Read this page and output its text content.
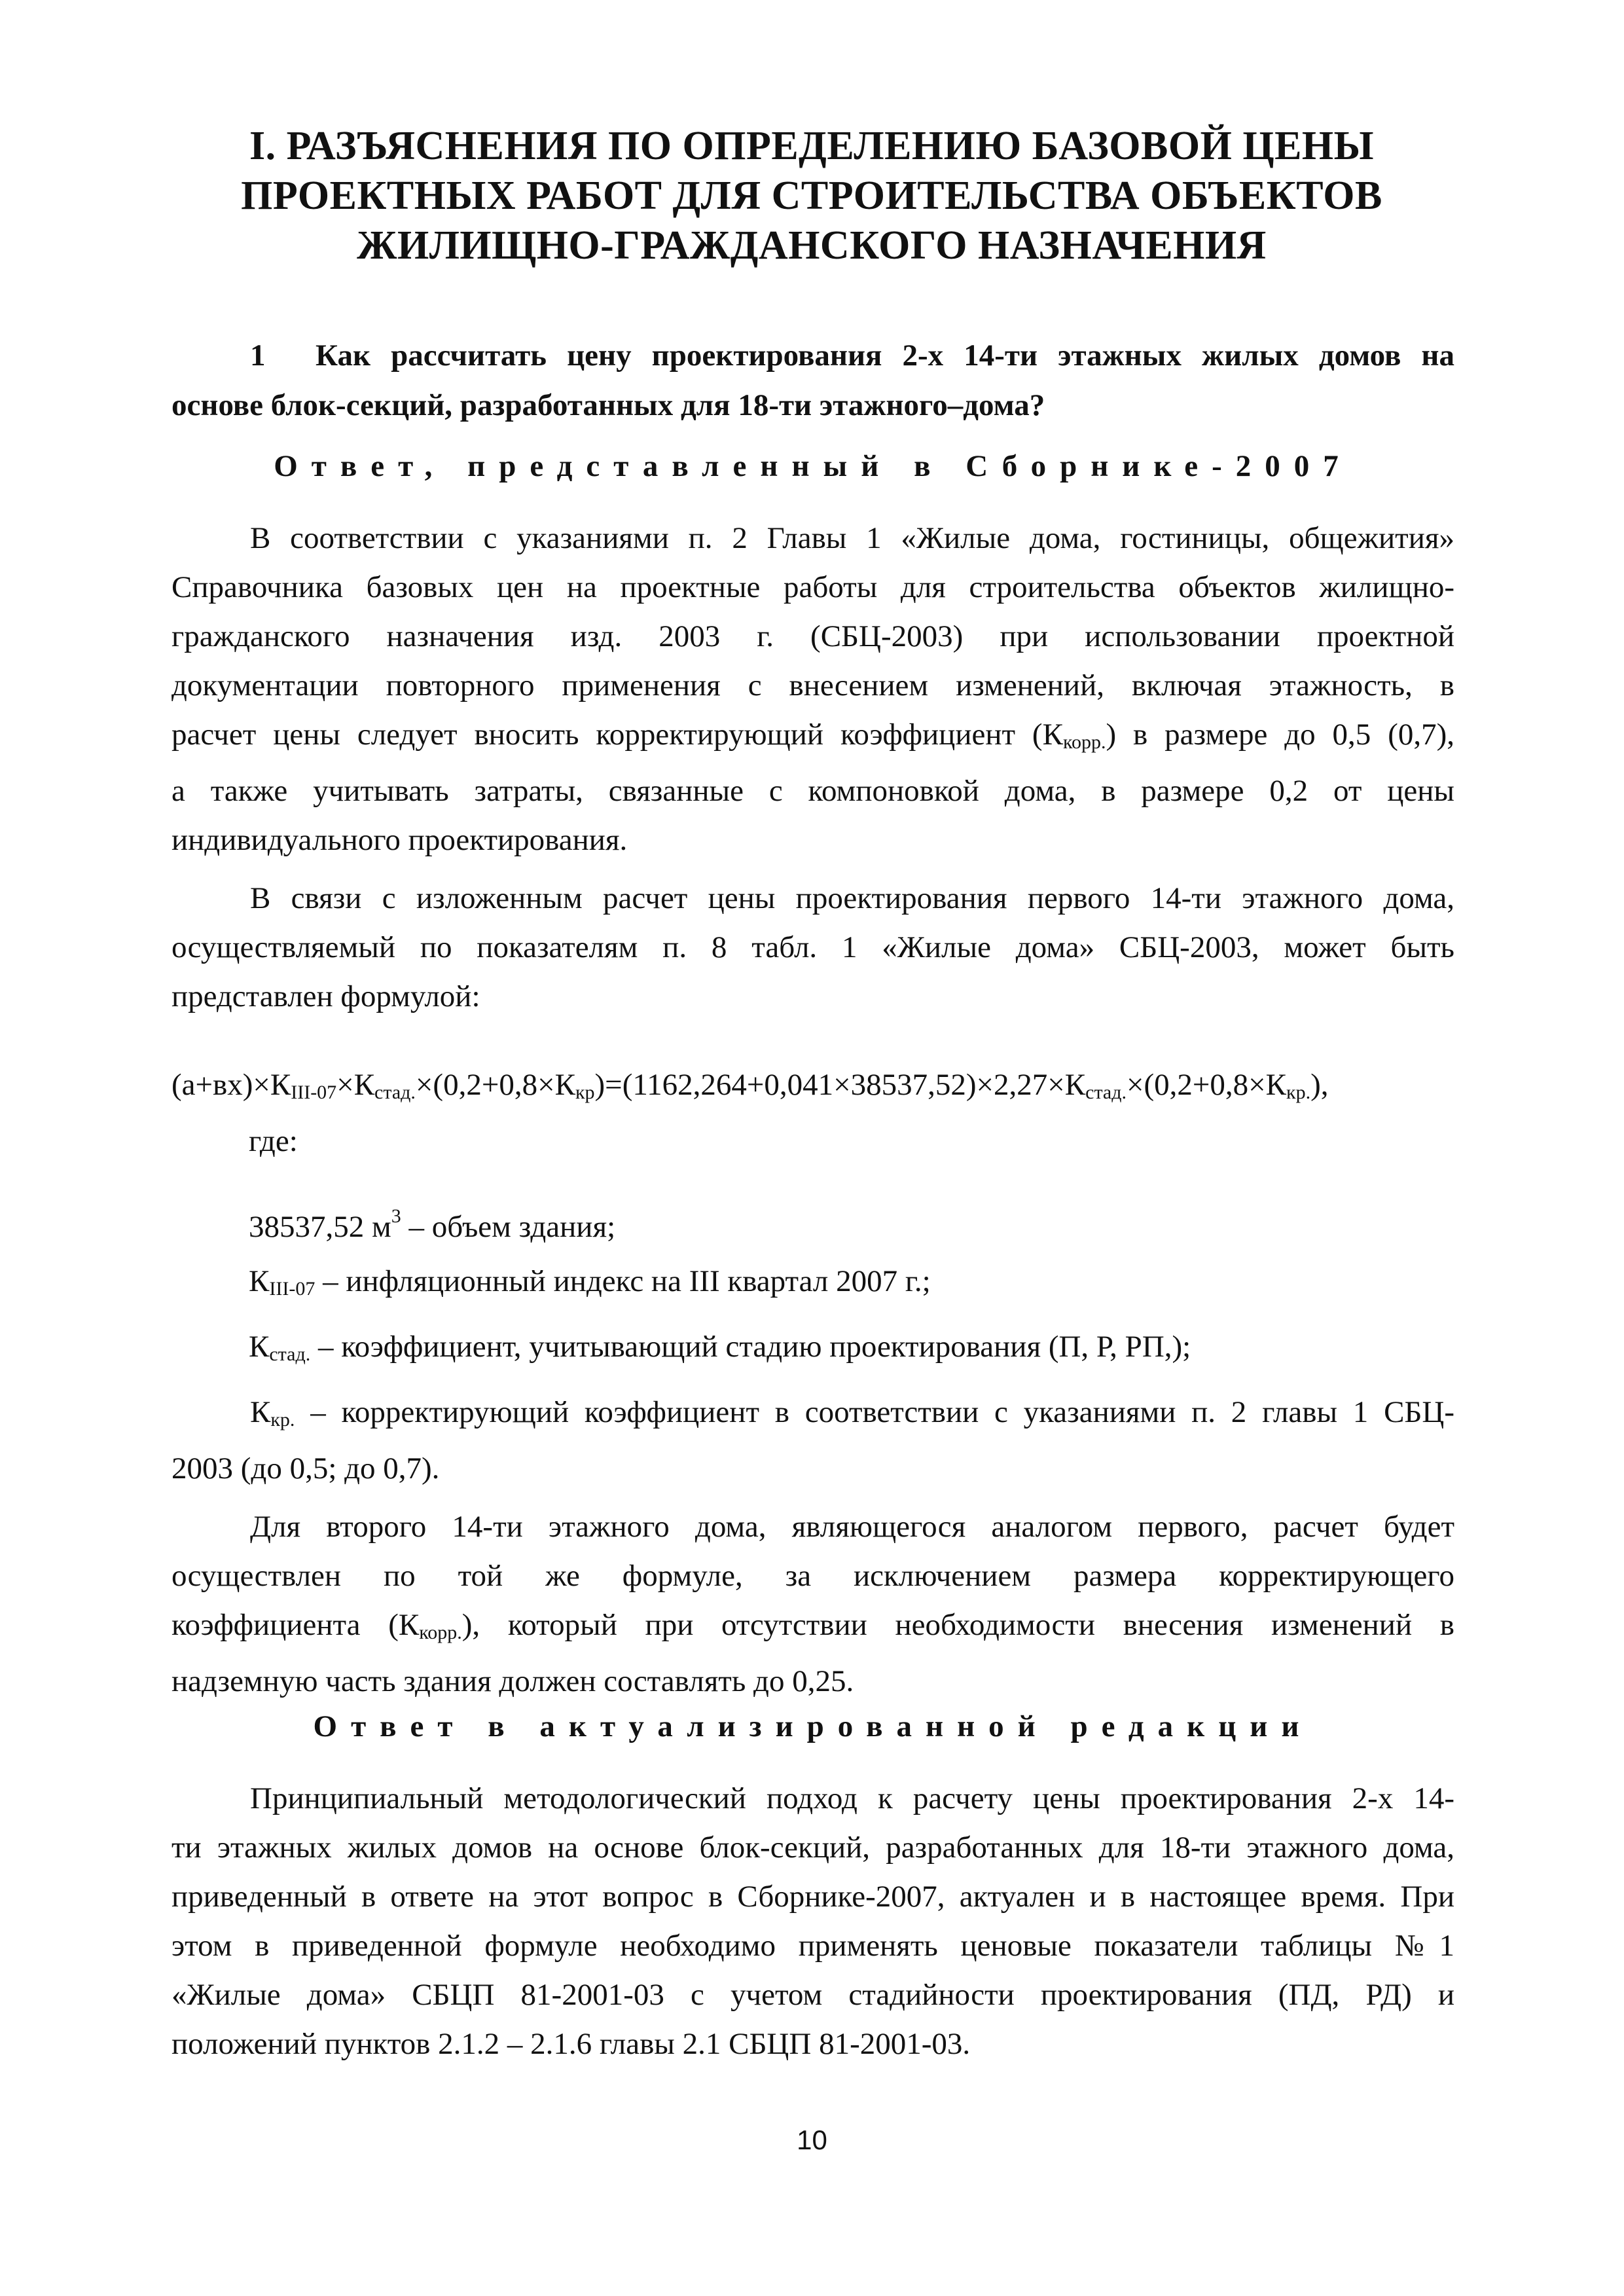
I. РАЗЪЯСНЕНИЯ ПО ОПРЕДЕЛЕНИЮ БАЗОВОЙ ЦЕНЫ
ПРОЕКТНЫХ РАБОТ ДЛЯ СТРОИТЕЛЬСТВА ОБЪЕКТОВ
ЖИЛИЩНО-ГРАЖДАНСКОГО НАЗНАЧЕНИЯ
1 Как рассчитать цену проектирования 2-х 14-ти этажных жилых домов на
основе блок-секций, разработанных для 18-ти этажного–дома?
Ответ, представленный в Сборнике-2007
В соответствии с указаниями п. 2 Главы 1 «Жилые дома, гостиницы, общежития»
Справочника базовых цен на проектные работы для строительства объектов жилищно-
гражданского назначения изд. 2003 г. (СБЦ-2003) при использовании проектной
документации повторного применения с внесением изменений, включая этажность, в
расчет цены следует вносить корректирующий коэффициент $(К_{корр.})$ в размере до 0,5 (0,7),
а также учитывать затраты, связанные с компоновкой дома, в размере 0,2 от цены
индивидуального проектирования.
В связи с изложенным расчет цены проектирования первого 14-ти этажного дома,
осуществляемый по показателям п. 8 табл. 1 «Жилые дома» СБЦ-2003, может быть
представлен формулой:
$(а+вх)\times К_{III-07}\times К_{стад.}\times(0,2+0,8\times К_{кр})=(1162,264+0,041\times 38537,52)\times 2,27\times К_{стад.}\times(0,2+0,8\times К_{кр.})$,
где:
38537,52 $м^3$ – объем здания;
$К_{III-07}$ – инфляционный индекс на III квартал 2007 г.;
$К_{стад.}$ – коэффициент, учитывающий стадию проектирования (П, Р, РП,);
$К_{кр.}$ – корректирующий коэффициент в соответствии с указаниями п. 2 главы 1 СБЦ-
2003 (до 0,5; до 0,7).
Для второго 14-ти этажного дома, являющегося аналогом первого, расчет будет
осуществлен по той же формуле, за исключением размера корректирующего
коэффициента $(К_{корр.})$, который при отсутствии необходимости внесения изменений в
надземную часть здания должен составлять до 0,25.
Ответ в актуализированной редакции
Принципиальный методологический подход к расчету цены проектирования 2-х 14-
ти этажных жилых домов на основе блок-секций, разработанных для 18-ти этажного дома,
приведенный в ответе на этот вопрос в Сборнике-2007, актуален и в настоящее время. При
этом в приведенной формуле необходимо применять ценовые показатели таблицы №1
«Жилые дома» СБЦП 81-2001-03 с учетом стадийности проектирования (ПД, РД) и
положений пунктов 2.1.2 – 2.1.6 главы 2.1 СБЦП 81-2001-03.
10
